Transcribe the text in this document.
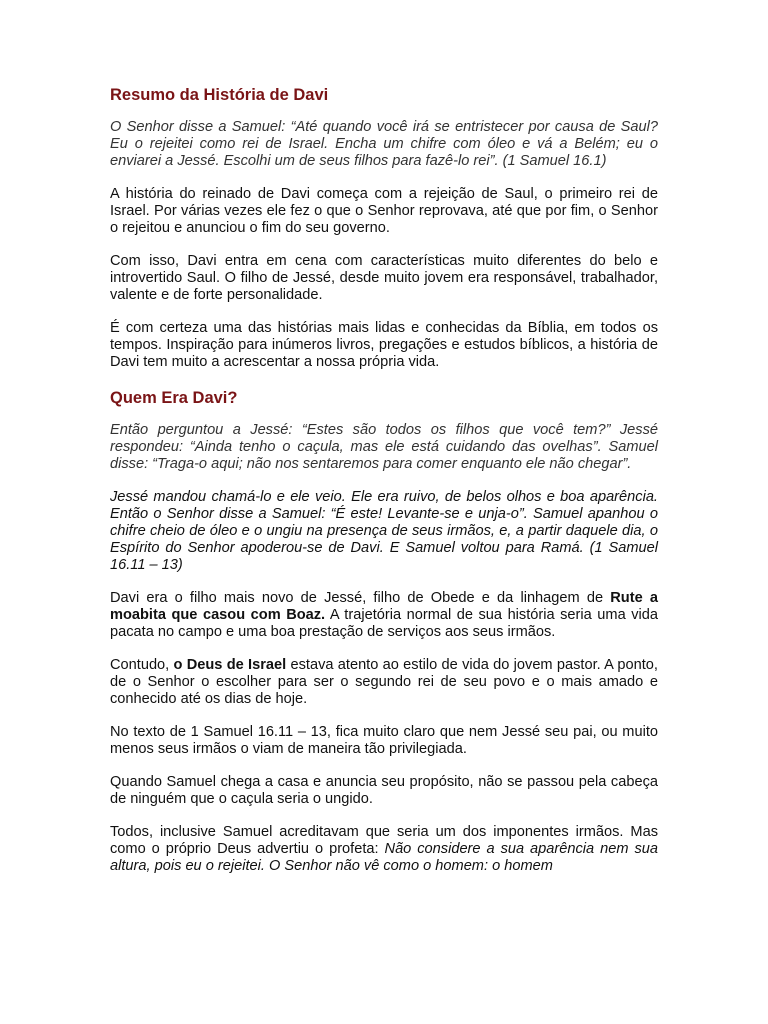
Resumo da História de Davi

O Senhor disse a Samuel: “Até quando você irá se entristecer por causa de Saul? Eu o rejeitei como rei de Israel. Encha um chifre com óleo e vá a Belém; eu o enviarei a Jessé. Escolhi um de seus filhos para fazê-lo rei”. (1 Samuel 16.1)

A história do reinado de Davi começa com a rejeição de Saul, o primeiro rei de Israel. Por várias vezes ele fez o que o Senhor reprovava, até que por fim, o Senhor o rejeitou e anunciou o fim do seu governo.

Com isso, Davi entra em cena com características muito diferentes do belo e introvertido Saul. O filho de Jessé, desde muito jovem era responsável, trabalhador, valente e de forte personalidade.

É com certeza uma das histórias mais lidas e conhecidas da Bíblia, em todos os tempos. Inspiração para inúmeros livros, pregações e estudos bíblicos, a história de Davi tem muito a acrescentar a nossa própria vida.

Quem Era Davi?

Então perguntou a Jessé: “Estes são todos os filhos que você tem?” Jessé respondeu: “Ainda tenho o caçula, mas ele está cuidando das ovelhas”. Samuel disse: “Traga-o aqui; não nos sentaremos para comer enquanto ele não chegar”.

Jessé mandou chamá-lo e ele veio. Ele era ruivo, de belos olhos e boa aparência. Então o Senhor disse a Samuel: “É este! Levante-se e unja-o”. Samuel apanhou o chifre cheio de óleo e o ungiu na presença de seus irmãos, e, a partir daquele dia, o Espírito do Senhor apoderou-se de Davi. E Samuel voltou para Ramá. (1 Samuel 16.11 – 13)

Davi era o filho mais novo de Jessé, filho de Obede e da linhagem de Rute a moabita que casou com Boaz. A trajetória normal de sua história seria uma vida pacata no campo e uma boa prestação de serviços aos seus irmãos.

Contudo, o Deus de Israel estava atento ao estilo de vida do jovem pastor. A ponto, de o Senhor o escolher para ser o segundo rei de seu povo e o mais amado e conhecido até os dias de hoje.

No texto de 1 Samuel 16.11 – 13, fica muito claro que nem Jessé seu pai, ou muito menos seus irmãos o viam de maneira tão privilegiada.

Quando Samuel chega a casa e anuncia seu propósito, não se passou pela cabeça de ninguém que o caçula seria o ungido.

Todos, inclusive Samuel acreditavam que seria um dos imponentes irmãos. Mas como o próprio Deus advertiu o profeta: Não considere a sua aparência nem sua altura, pois eu o rejeitei. O Senhor não vê como o homem: o homem
